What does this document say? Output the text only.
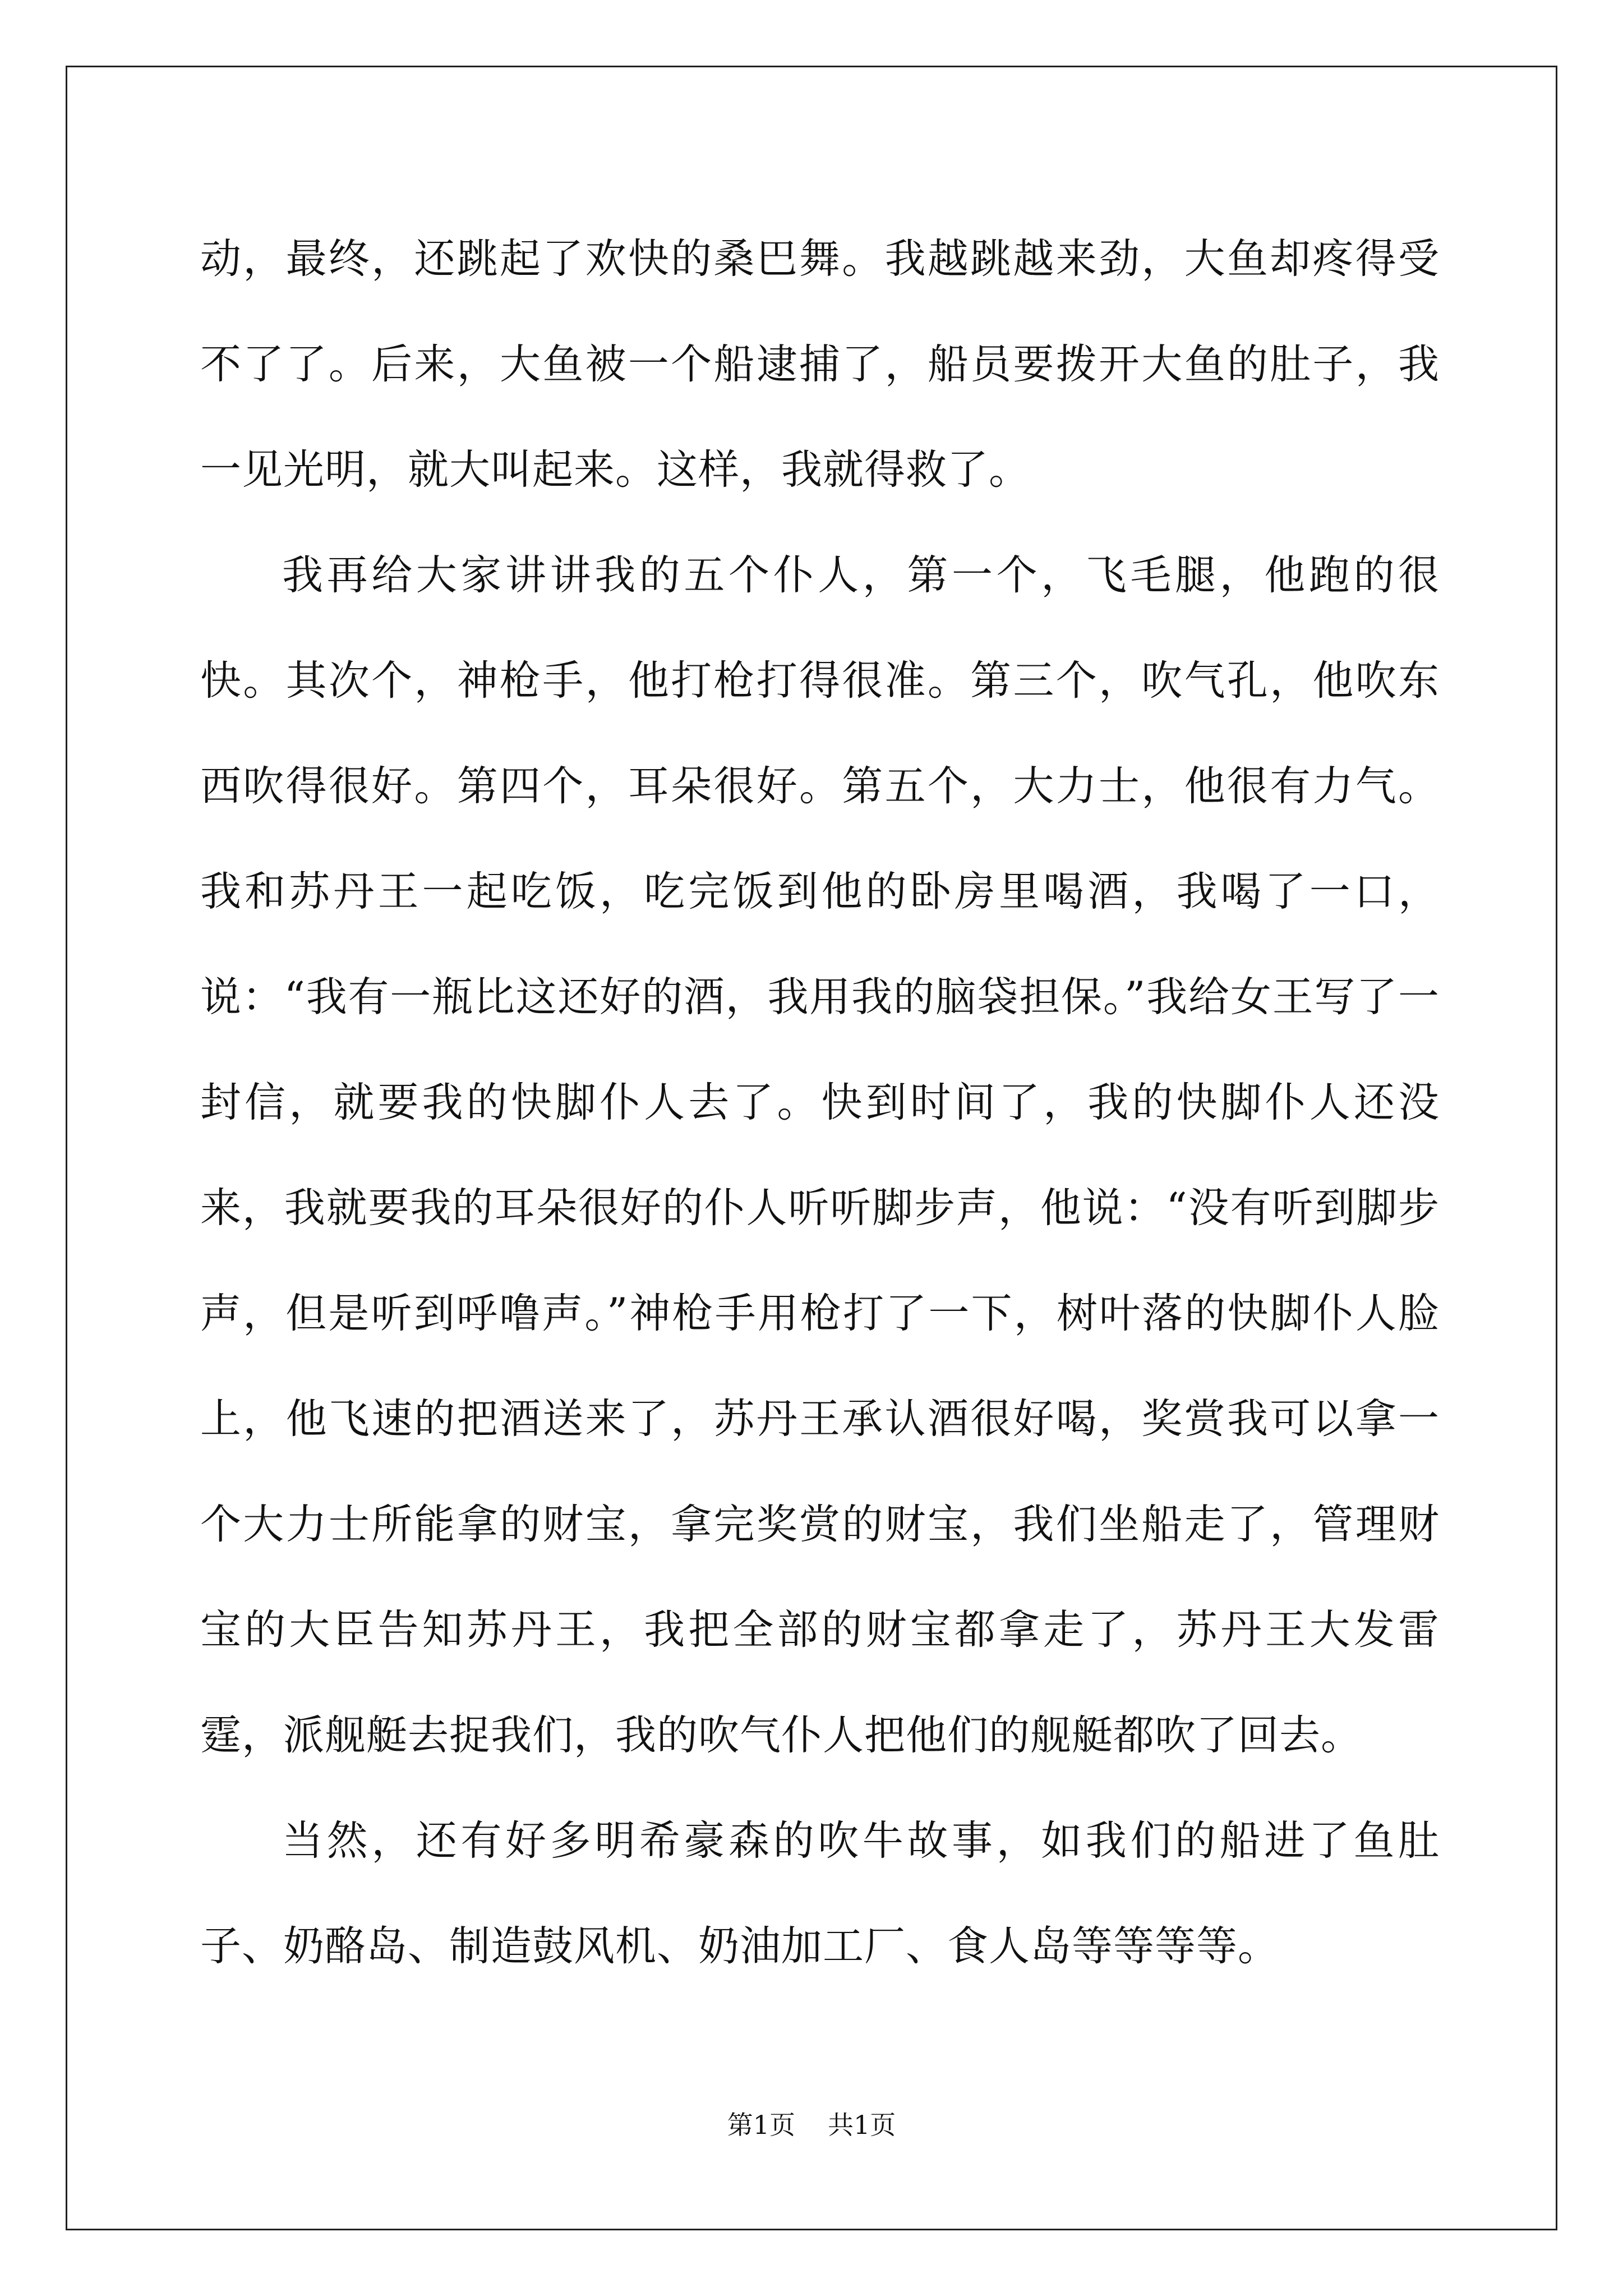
动，最终，还跳起了欢快的桑巴舞。我越跳越来劲，大鱼却疼得受不了了。后来，大鱼被一个船逮捕了，船员要拨开大鱼的肚子，我一见光明，就大叫起来。这样，我就得救了。

我再给大家讲讲我的五个仆人，第一个，飞毛腿，他跑的很快。其次个，神枪手，他打枪打得很准。第三个，吹气孔，他吹东西吹得很好。第四个，耳朵很好。第五个，大力士，他很有力气。我和苏丹王一起吃饭，吃完饭到他的卧房里喝酒，我喝了一口，说：“我有一瓶比这还好的酒，我用我的脑袋担保。”我给女王写了一封信，就要我的快脚仆人去了。快到时间了，我的快脚仆人还没来，我就要我的耳朵很好的仆人听听脚步声，他说：“没有听到脚步声，但是听到呼噜声。”神枪手用枪打了一下，树叶落的快脚仆人脸上，他飞速的把酒送来了，苏丹王承认酒很好喝，奖赏我可以拿一个大力士所能拿的财宝，拿完奖赏的财宝，我们坐船走了，管理财宝的大臣告知苏丹王，我把全部的财宝都拿走了，苏丹王大发雷霆，派舰艇去捉我们，我的吹气仆人把他们的舰艇都吹了回去。

当然，还有好多明希豪森的吹牛故事，如我们的船进了鱼肚子、奶酪岛、制造鼓风机、奶油加工厂、食人岛等等等等。

第1页 共1页
